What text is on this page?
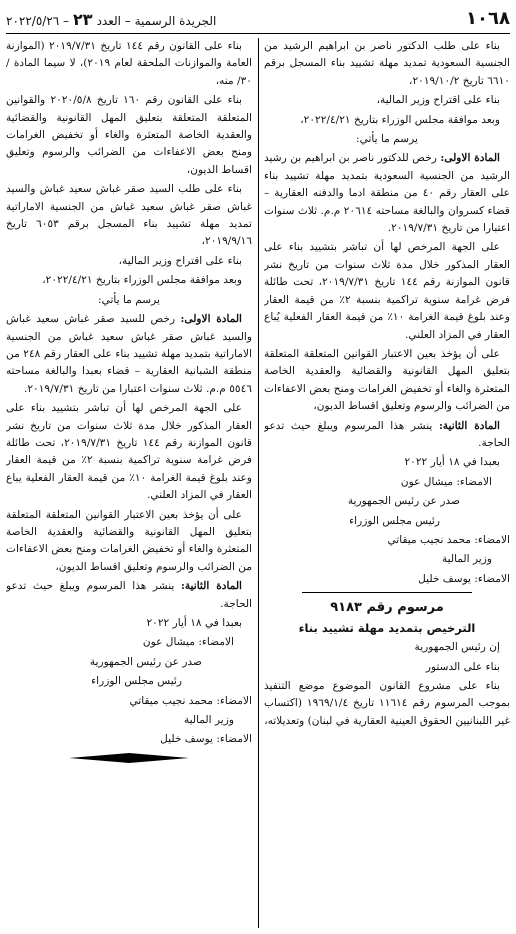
١٠٦٨
الجريدة الرسمية – العدد
٢٣
– ٢٠٢٢/٥/٢٦

بناء على طلب الدكتور ناصر بن ابراهيم الرشيد من الجنسية السعودية تمديد مهلة تشييد بناء المسجل برقم ٦٦١٠ تاريخ ٢٠١٩/١٠/٢،

بناء على اقتراح وزير المالية،

وبعد موافقة مجلس الوزراء بتاريخ ٢٠٢٢/٤/٢١،

يرسم ما يأتي:

المادة الاولى: رخص للدكتور ناصر بن ابراهيم بن رشيد الرشيد من الجنسية السعودية بتمديد مهلة تشييد بناء على العقار رقم ٤٠ من منطقة ادما والدفنه العقارية – قضاء كسروان والبالغة مساحته ٢٠٦١٤ م.م. ثلاث سنوات اعتبارا من تاريخ ٢٠١٩/٧/٣١.

على الجهة المرخص لها أن تباشر بتشييد بناء على العقار المذكور خلال مدة ثلاث سنوات من تاريخ نشر قانون الموازنة رقم ١٤٤ تاريخ ٢٠١٩/٧/٣١، تحت طائلة فرض غرامة سنوية تراكمية بنسبة ٢٪ من قيمة العقار وعند بلوغ قيمة الغرامة ١٠٪ من قيمة العقار الفعلية يُباع العقار في المزاد العلني.

على أن يؤخذ بعين الاعتبار القوانين المتعلقة المتعلقة بتعليق المهل القانونية والقضائية والعقدية الخاصة المتعثرة والغاء أو تخفيض الغرامات ومنح بعض الاعفاءات من الضرائب والرسوم وتعليق اقساط الديون،

المادة الثانية: ينشر هذا المرسوم ويبلغ حيث تدعو الحاجة.

بعبدا في ١٨ أيار ٢٠٢٢

الامضاء: ميشال عون

صدر عن رئيس الجمهورية

رئيس مجلس الوزراء

الامضاء: محمد نجيب ميقاتي

وزير المالية

الامضاء: يوسف خليل

مرسوم رقم ٩١٨٣

الترخيص بتمديد مهلة تشييد بناء

إن رئيس الجمهورية

بناء على الدستور

بناء على مشروع القانون الموضوع موضع التنفيذ بموجب المرسوم رقم ١١٦١٤ تاريخ ١٩٦٩/١/٤ (اكتساب غير اللبنانيين الحقوق العينية العقارية في لبنان) وتعديلاته،

بناء على القانون رقم ١٤٤ تاريخ ٢٠١٩/٧/٣١ (الموازنة العامة والموازنات الملحقة لعام ٢٠١٩)، لا سيما المادة /٣٠/ منه،

بناء على القانون رقم ١٦٠ تاريخ ٢٠٢٠/٥/٨ والقوانين المتعلقة المتعلقة بتعليق المهل القانونية والقضائية والعقدية الخاصة المتعثرة والغاء أو تخفيض الغرامات ومنح بعض الاعفاءات من الضرائب والرسوم وتعليق اقساط الديون،

بناء على طلب السيد صقر غباش سعيد غباش والسيد غباش صقر غباش سعيد غباش من الجنسية الاماراتية تمديد مهلة تشييد بناء المسجل برقم ٦٠٥٣ تاريخ ٢٠١٩/٩/١٦،

بناء على اقتراح وزير المالية،

وبعد موافقة مجلس الوزراء بتاريخ ٢٠٢٢/٤/٢١،

يرسم ما يأتي:

المادة الاولى: رخص للسيد صقر غباش سعيد غباش والسيد غباش صقر غباش سعيد غباش من الجنسية الاماراتية بتمديد مهلة تشييد بناء على العقار رقم ٢٤٨ من منطقة الشبانية العقارية – قضاء بعبدا والبالغة مساحته ٥٥٤٦ م.م. ثلاث سنوات اعتبارا من تاريخ ٢٠١٩/٧/٣١.

على الجهة المرخص لها أن تباشر بتشييد بناء على العقار المذكور خلال مدة ثلاث سنوات من تاريخ نشر قانون الموازنة رقم ١٤٤ تاريخ ٢٠١٩/٧/٣١، تحت طائلة فرض غرامة سنوية تراكمية بنسبة ٢٪ من قيمة العقار وعند بلوغ قيمة الغرامة ١٠٪ من قيمة العقار الفعلية يباع العقار في المزاد العلني.

على أن يؤخذ بعين الاعتبار القوانين المتعلقة المتعلقة بتعليق المهل القانونية والقضائية والعقدية الخاصة المتعثرة والغاء أو تخفيض الغرامات ومنح بعض الاعفاءات من الضرائب والرسوم وتعليق اقساط الديون،

المادة الثانية: ينشر هذا المرسوم ويبلغ حيث تدعو الحاجة.

بعبدا في ١٨ أيار ٢٠٢٢

الامضاء: ميشال عون

صدر عن رئيس الجمهورية

رئيس مجلس الوزراء

الامضاء: محمد نجيب ميقاتي

وزير المالية

الامضاء: يوسف خليل
